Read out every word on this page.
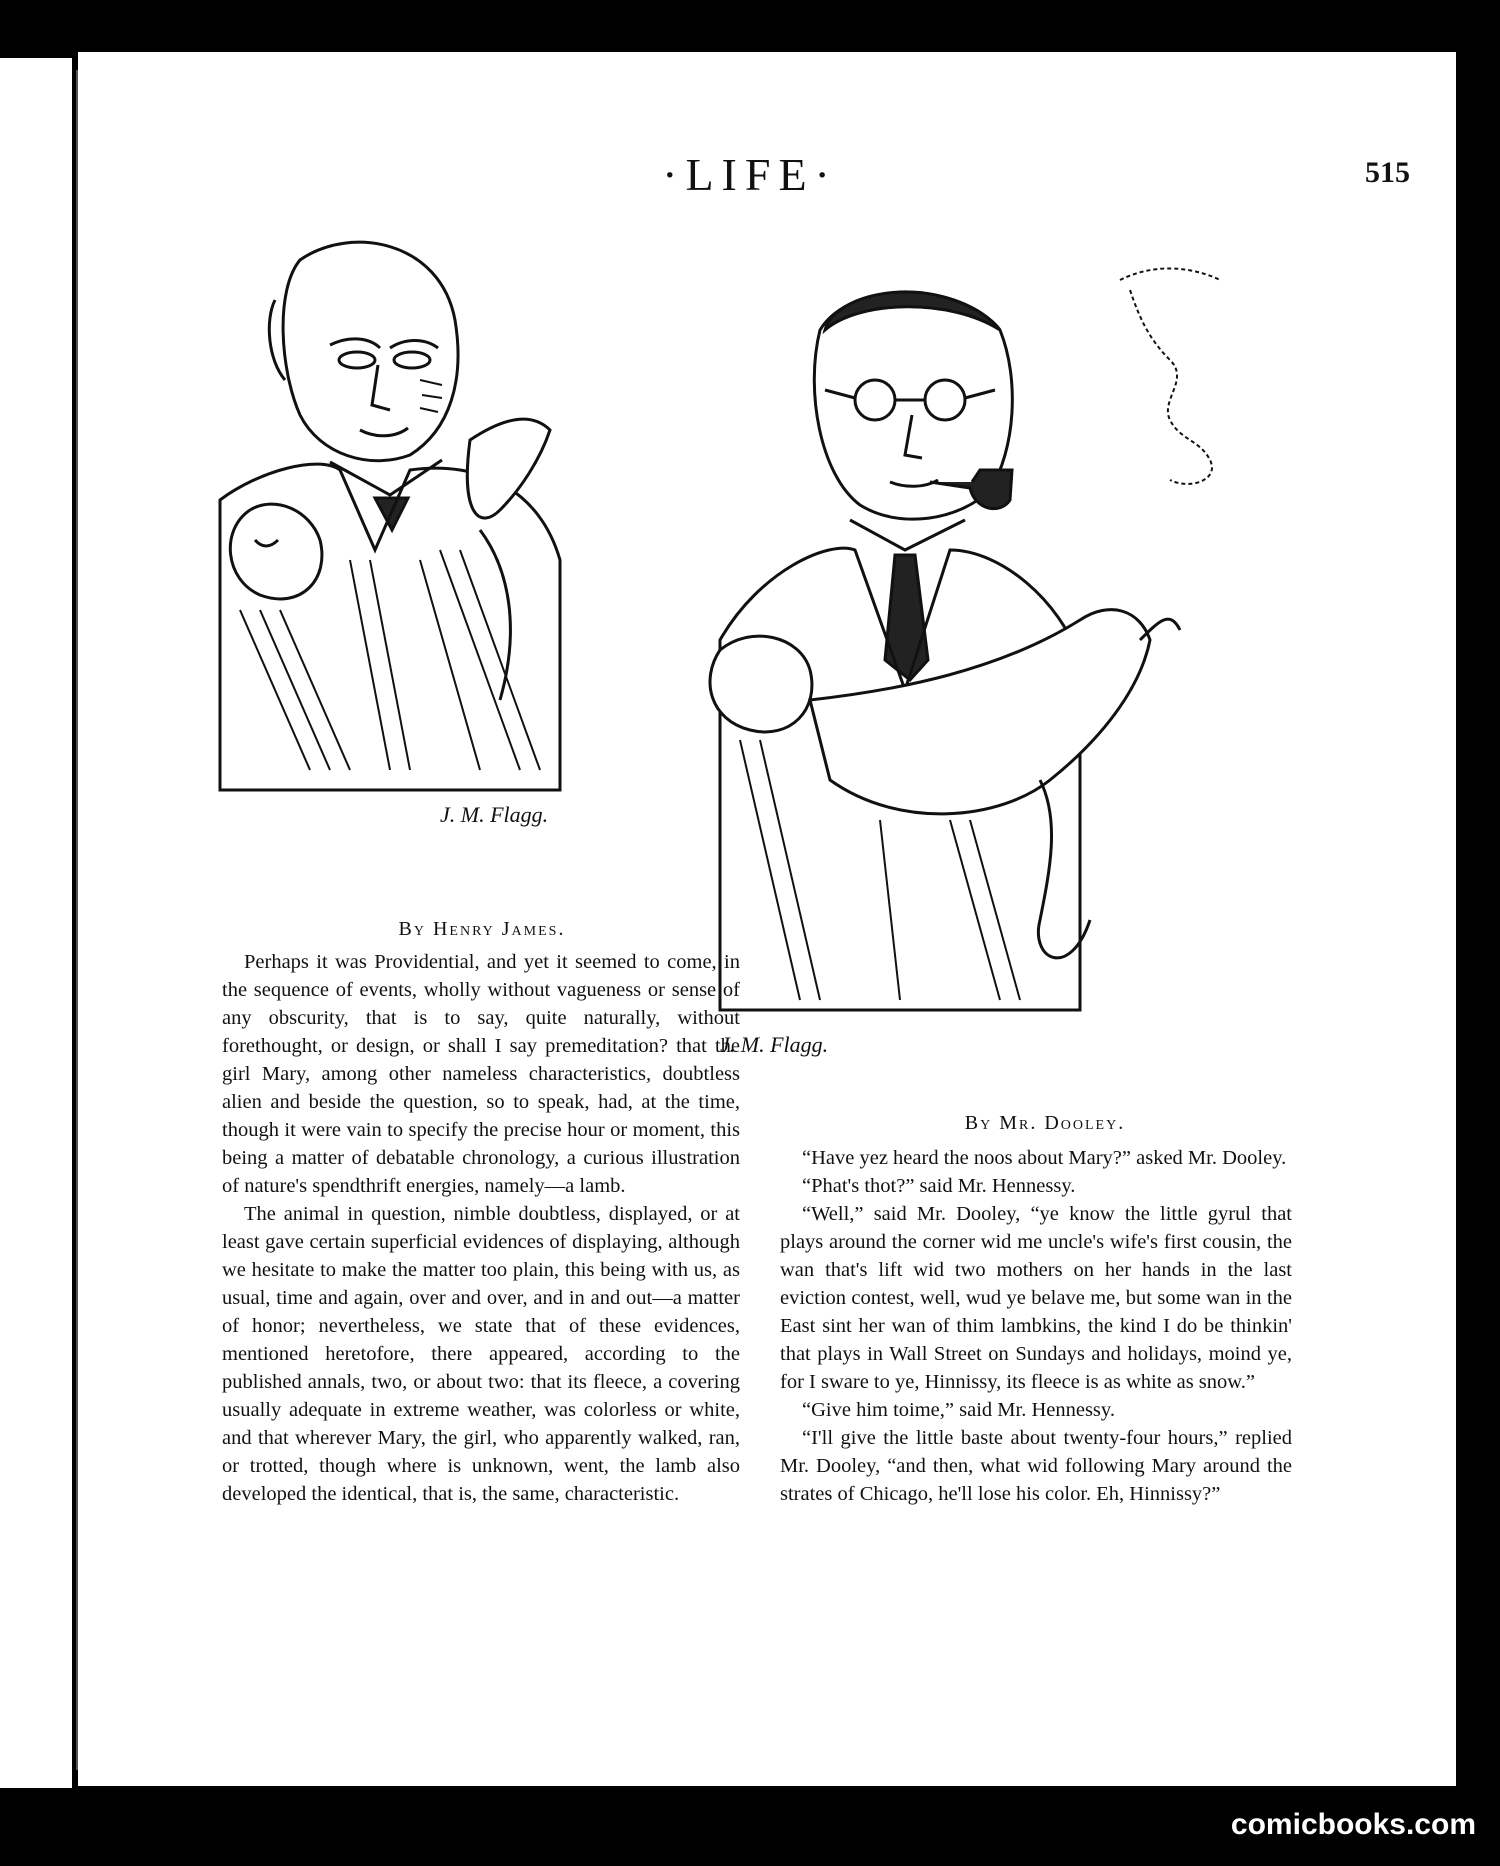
·LIFE·	515
J. M. Flagg.
J. M. Flagg.
By Henry James.

Perhaps it was Providential, and yet it seemed to come, in the sequence of events, wholly without vagueness or sense of any obscurity, that is to say, quite naturally, without forethought, or design, or shall I say premeditation? that the girl Mary, among other nameless characteristics, doubtless alien and beside the question, so to speak, had, at the time, though it were vain to specify the precise hour or moment, this being a matter of debatable chronology, a curious illustration of nature's spendthrift energies, namely—a lamb.

The animal in question, nimble doubtless, displayed, or at least gave certain superficial evidences of displaying, although we hesitate to make the matter too plain, this being with us, as usual, time and again, over and over, and in and out—a matter of honor; nevertheless, we state that of these evidences, mentioned heretofore, there appeared, according to the published annals, two, or about two: that its fleece, a covering usually adequate in extreme weather, was colorless or white, and that wherever Mary, the girl, who apparently walked, ran, or trotted, though where is unknown, went, the lamb also developed the identical, that is, the same, characteristic.

By Mr. Dooley.

“Have yez heard the noos about Mary?” asked Mr. Dooley.

“Phat's thot?” said Mr. Hennessy.

“Well,” said Mr. Dooley, “ye know the little gyrul that plays around the corner wid me uncle's wife's first cousin, the wan that's lift wid two mothers on her hands in the last eviction contest, well, wud ye belave me, but some wan in the East sint her wan of thim lambkins, the kind I do be thinkin' that plays in Wall Street on Sundays and holidays, moind ye, for I sware to ye, Hinnissy, its fleece is as white as snow.”

“Give him toime,” said Mr. Hennessy.

“I'll give the little baste about twenty-four hours,” replied Mr. Dooley, “and then, what wid following Mary around the strates of Chicago, he'll lose his color. Eh, Hinnissy?”

comicbooks.com
